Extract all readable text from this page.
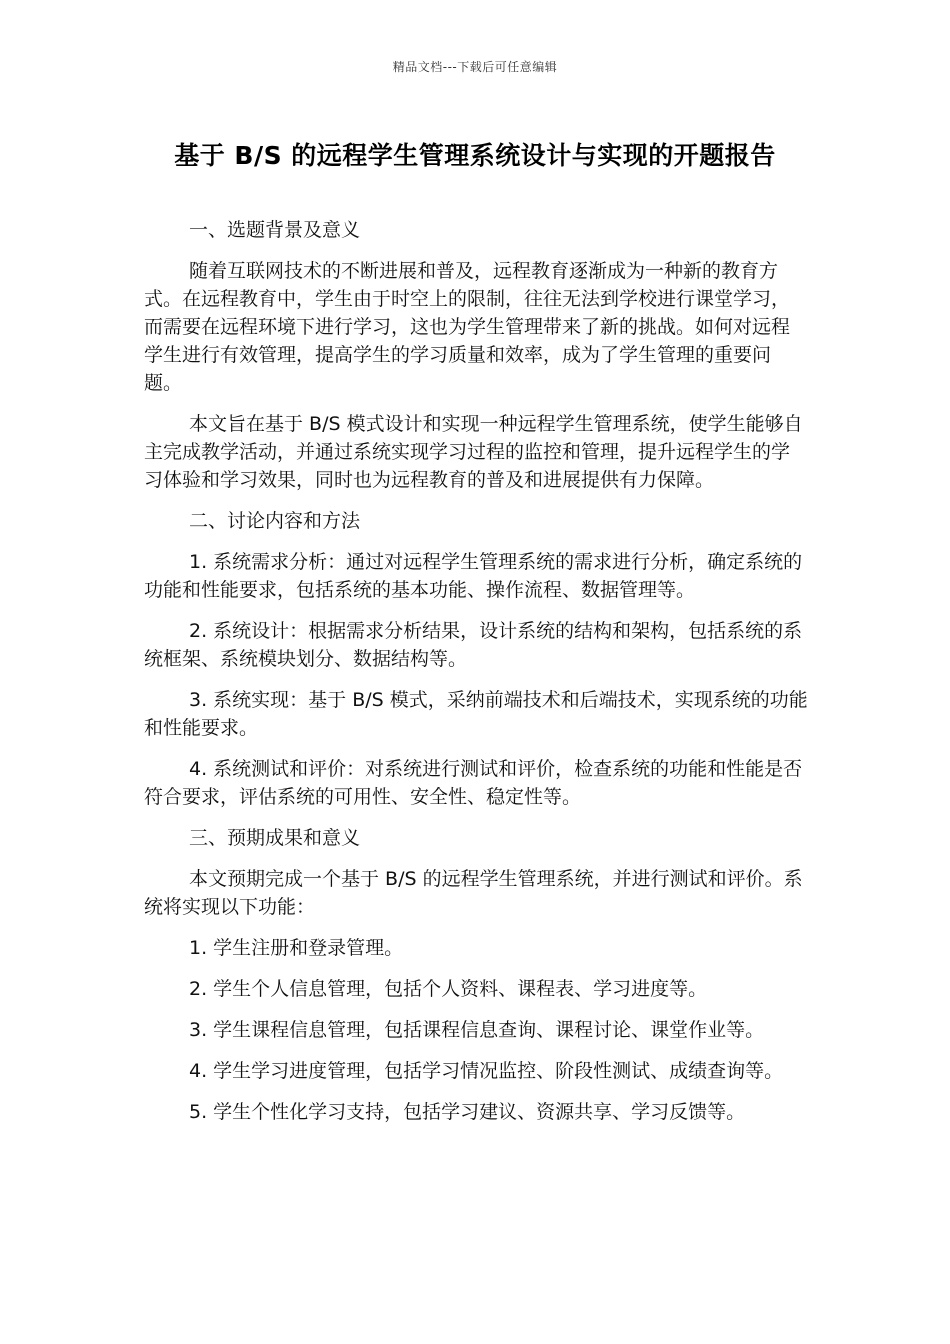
精品文档---下载后可任意编辑
基于 B/S 的远程学生管理系统设计与实现的开题报告

一、选题背景及意义

随着互联网技术的不断进展和普及，远程教育逐渐成为一种新的教育方式。在远程教育中，学生由于时空上的限制，往往无法到学校进行课堂学习，而需要在远程环境下进行学习，这也为学生管理带来了新的挑战。如何对远程学生进行有效管理，提高学生的学习质量和效率，成为了学生管理的重要问题。

本文旨在基于 B/S 模式设计和实现一种远程学生管理系统，使学生能够自主完成教学活动，并通过系统实现学习过程的监控和管理，提升远程学生的学习体验和学习效果，同时也为远程教育的普及和进展提供有力保障。

二、讨论内容和方法

1. 系统需求分析：通过对远程学生管理系统的需求进行分析，确定系统的功能和性能要求，包括系统的基本功能、操作流程、数据管理等。

2. 系统设计：根据需求分析结果，设计系统的结构和架构，包括系统的系统框架、系统模块划分、数据结构等。

3. 系统实现：基于 B/S 模式，采纳前端技术和后端技术，实现系统的功能和性能要求。

4. 系统测试和评价：对系统进行测试和评价，检查系统的功能和性能是否符合要求，评估系统的可用性、安全性、稳定性等。

三、预期成果和意义

本文预期完成一个基于 B/S 的远程学生管理系统，并进行测试和评价。系统将实现以下功能：

1. 学生注册和登录管理。

2. 学生个人信息管理，包括个人资料、课程表、学习进度等。

3. 学生课程信息管理，包括课程信息查询、课程讨论、课堂作业等。

4. 学生学习进度管理，包括学习情况监控、阶段性测试、成绩查询等。

5. 学生个性化学习支持，包括学习建议、资源共享、学习反馈等。
